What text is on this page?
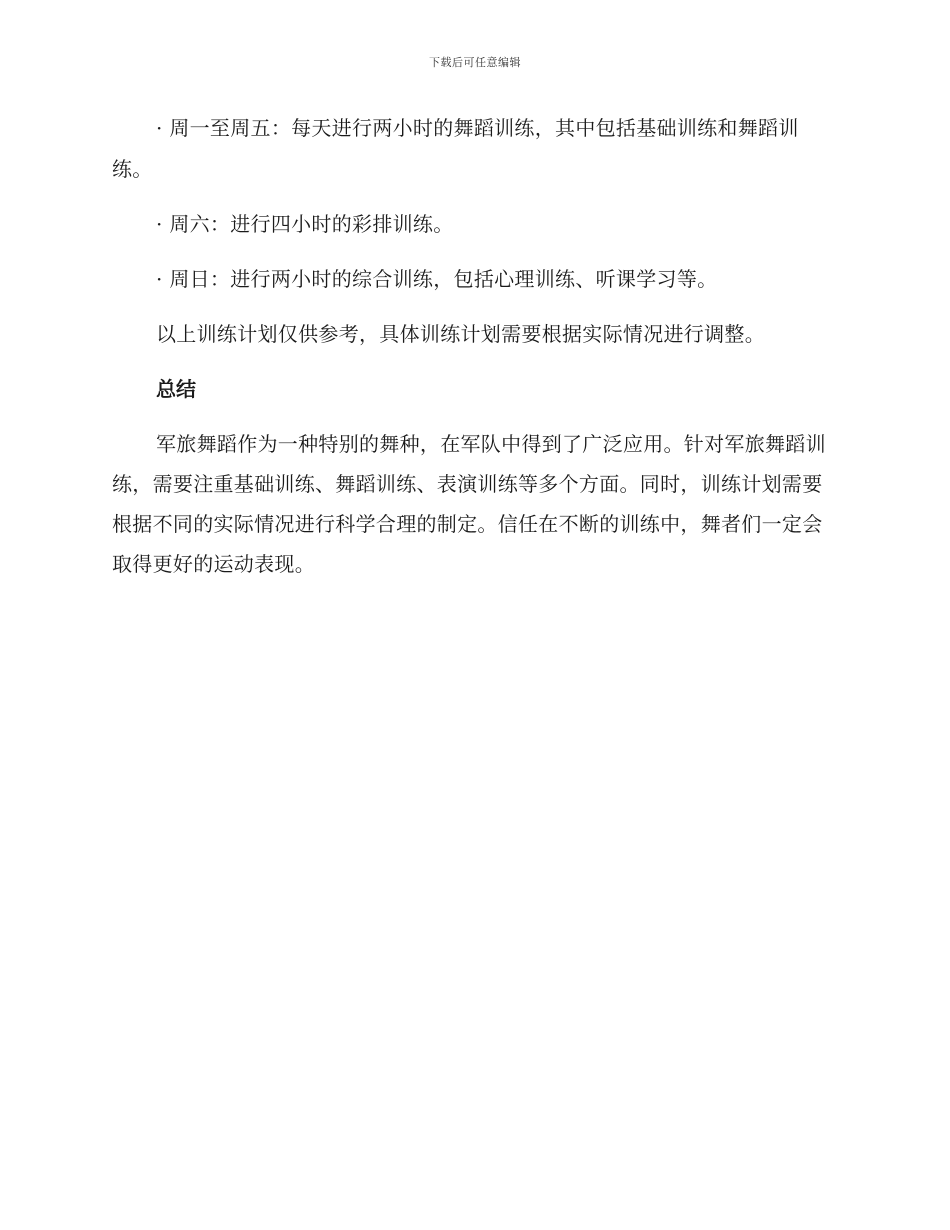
下载后可任意编辑

· 周一至周五：每天进行两小时的舞蹈训练，其中包括基础训练和舞蹈训练。

· 周六：进行四小时的彩排训练。

· 周日：进行两小时的综合训练，包括心理训练、听课学习等。

以上训练计划仅供参考，具体训练计划需要根据实际情况进行调整。

总结

军旅舞蹈作为一种特别的舞种，在军队中得到了广泛应用。针对军旅舞蹈训练，需要注重基础训练、舞蹈训练、表演训练等多个方面。同时，训练计划需要根据不同的实际情况进行科学合理的制定。信任在不断的训练中，舞者们一定会取得更好的运动表现。
